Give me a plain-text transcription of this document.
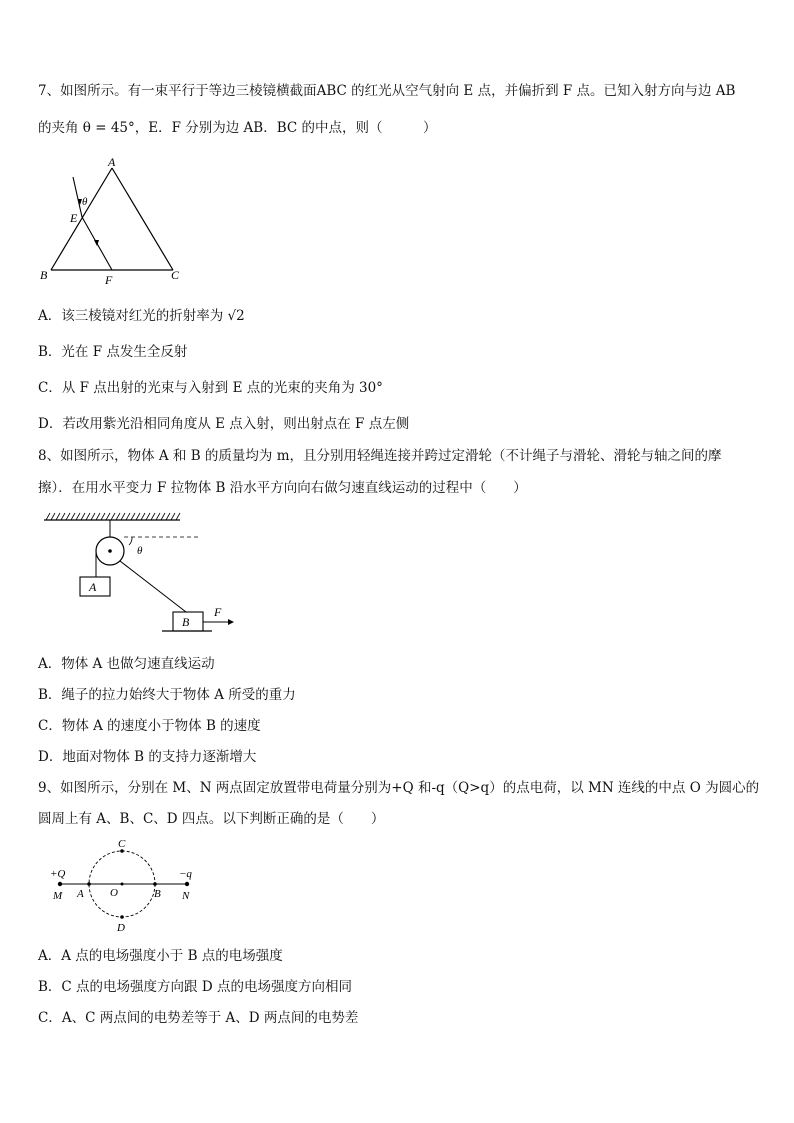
7、如图所示。有一束平行于等边三棱镜横截面ABC 的红光从空气射向 E 点，并偏折到 F 点。已知入射方向与边 AB
的夹角 θ = 45°，E．F 分别为边 AB．BC 的中点，则（　　　）
A
B	C
E
F
θ
A．该三棱镜对红光的折射率为 √2
B．光在 F 点发生全反射
C．从 F 点出射的光束与入射到 E 点的光束的夹角为 30°
D．若改用紫光沿相同角度从 E 点入射，则出射点在 F 点左侧
8、如图所示，物体 A 和 B 的质量均为 m，且分别用轻绳连接并跨过定滑轮（不计绳子与滑轮、滑轮与轴之间的摩
擦）．在用水平变力 F 拉物体 B 沿水平方向向右做匀速直线运动的过程中（　　）
θ
A
B
F
A．物体 A 也做匀速直线运动
B．绳子的拉力始终大于物体 A 所受的重力
C．物体 A 的速度小于物体 B 的速度
D．地面对物体 B 的支持力逐渐增大
9、如图所示，分别在 M、N 两点固定放置带电荷量分别为+Q 和-q（Q>q）的点电荷，以 MN 连线的中点 O 为圆心的
圆周上有 A、B、C、D 四点。以下判断正确的是（　　）
+Q	−q
M	N
A	B
C
D
O
A．A 点的电场强度小于 B 点的电场强度
B．C 点的电场强度方向跟 D 点的电场强度方向相同
C．A、C 两点间的电势差等于 A、D 两点间的电势差
